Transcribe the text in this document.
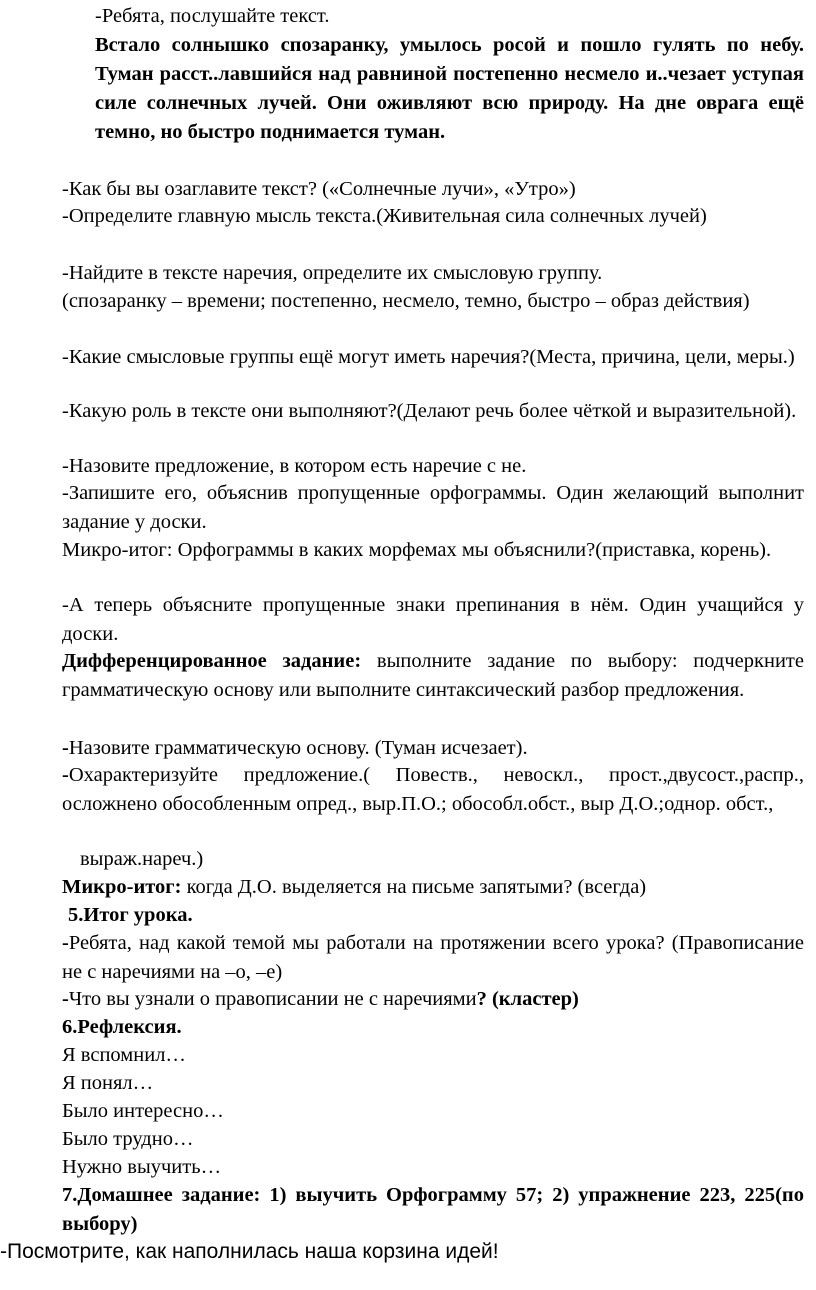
-Ребята, послушайте текст.

Встало солнышко спозаранку, умылось росой и пошло гулять по небу. Туман расст..лавшийся над равниной постепенно несмело и..чезает уступая силе солнечных лучей. Они оживляют всю природу. На дне оврага ещё темно, но быстро поднимается туман.

-Как бы вы озаглавите текст? («Солнечные лучи», «Утро»)

-Определите главную мысль текста.(Живительная сила солнечных лучей)

-Найдите в тексте наречия, определите их смысловую группу.

(спозаранку – времени; постепенно, несмело, темно, быстро – образ действия)

-Какие смысловые группы ещё могут иметь наречия?(Места, причина, цели, меры.)

-Какую роль в тексте они выполняют?(Делают речь более чёткой и выразительной).

-Назовите предложение, в котором есть наречие с не.

-Запишите его, объяснив пропущенные орфограммы. Один желающий выполнит задание у доски.

Микро-итог: Орфограммы в каких морфемах мы объяснили?(приставка, корень).

-А теперь объясните пропущенные знаки препинания в нём. Один учащийся у доски.

Дифференцированное задание: выполните задание по выбору: подчеркните грамматическую основу или выполните синтаксический разбор предложения.

-Назовите грамматическую основу. (Туман исчезает).

-Охарактеризуйте предложение.( Повеств., невоскл., прост.,двусост.,распр., осложнено обособленным опред., выр.П.О.; обособл.обст., выр Д.О.;однор. обст.,

выраж.нареч.)

Микро-итог: когда Д.О. выделяется на письме запятыми? (всегда)

5.Итог урока.

-Ребята, над какой темой мы работали на протяжении всего урока? (Правописание не с наречиями на –о, –е)

-Что вы узнали о правописании не с наречиями? (кластер)

6.Рефлексия.

Я вспомнил…

Я понял…

Было интересно…

Было трудно…

Нужно выучить…

7.Домашнее задание: 1) выучить Орфограмму 57; 2) упражнение 223, 225(по выбору)

-Посмотрите, как наполнилась наша корзина идей!
